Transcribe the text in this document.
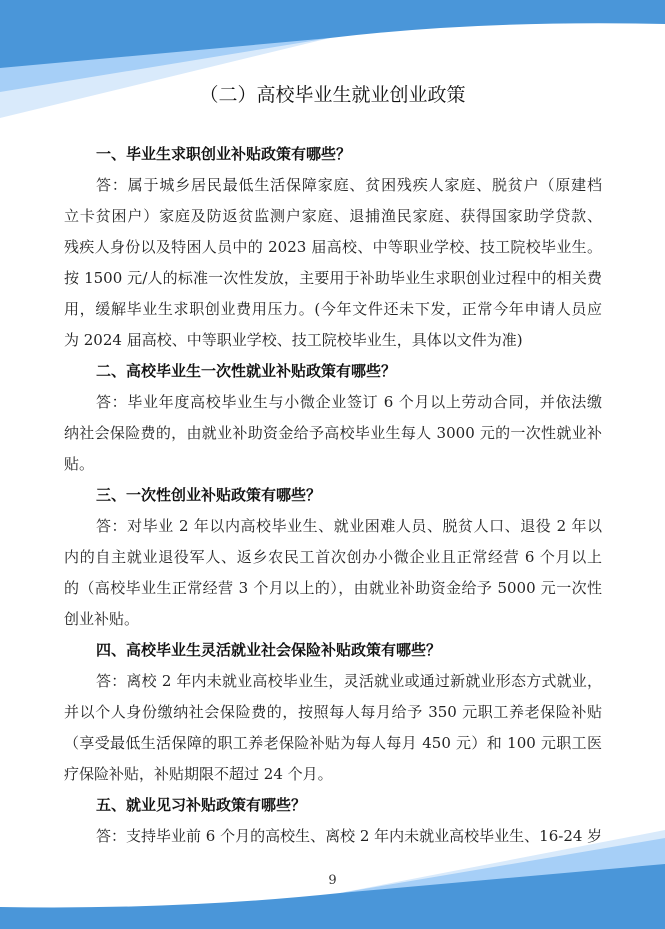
（二）高校毕业生就业创业政策
一、毕业生求职创业补贴政策有哪些？
答：属于城乡居民最低生活保障家庭、贫困残疾人家庭、脱贫户（原建档
立卡贫困户）家庭及防返贫监测户家庭、退捕渔民家庭、获得国家助学贷款、
残疾人身份以及特困人员中的 2023 届高校、中等职业学校、技工院校毕业生。
按 1500 元/人的标准一次性发放，主要用于补助毕业生求职创业过程中的相关费
用，缓解毕业生求职创业费用压力。(今年文件还未下发，正常今年申请人员应
为 2024 届高校、中等职业学校、技工院校毕业生，具体以文件为准)
二、高校毕业生一次性就业补贴政策有哪些？
答：毕业年度高校毕业生与小微企业签订 6 个月以上劳动合同，并依法缴
纳社会保险费的，由就业补助资金给予高校毕业生每人 3000 元的一次性就业补
贴。
三、一次性创业补贴政策有哪些？
答：对毕业 2 年以内高校毕业生、就业困难人员、脱贫人口、退役 2 年以
内的自主就业退役军人、返乡农民工首次创办小微企业且正常经营 6 个月以上
的（高校毕业生正常经营 3 个月以上的），由就业补助资金给予 5000 元一次性
创业补贴。
四、高校毕业生灵活就业社会保险补贴政策有哪些？
答：离校 2 年内未就业高校毕业生，灵活就业或通过新就业形态方式就业，
并以个人身份缴纳社会保险费的，按照每人每月给予 350 元职工养老保险补贴
（享受最低生活保障的职工养老保险补贴为每人每月 450 元）和 100 元职工医
疗保险补贴，补贴期限不超过 24 个月。
五、就业见习补贴政策有哪些？
答：支持毕业前 6 个月的高校生、离校 2 年内未就业高校毕业生、16-24 岁
9
